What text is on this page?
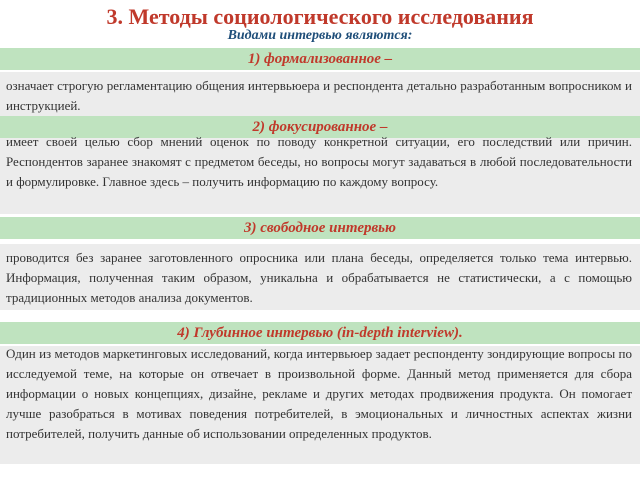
3. Методы социологического исследования
Видами интервью являются:
1) формализованное –
означает строгую регламентацию общения интервьюера и респондента детально разработанным вопросником и инструкцией.
2) фокусированное –
имеет своей целью сбор мнений оценок по поводу конкретной ситуации, его последствий или причин. Респондентов заранее знакомят с предметом беседы, но вопросы могут задаваться в любой последовательности и формулировке. Главное здесь – получить информацию по каждому вопросу.
3) свободное интервью
проводится без заранее заготовленного опросника или плана беседы, определяется только тема интервью. Информация, полученная таким образом, уникальна и обрабатывается не статистически, а с помощью традиционных методов анализа документов.
4) Глубинное интервью (in-depth interview).
Один из методов маркетинговых исследований, когда интервьюер задает респонденту зондирующие вопросы по исследуемой теме, на которые он отвечает в произвольной форме. Данный метод применяется для сбора информации о новых концепциях, дизайне, рекламе и других методах продвижения продукта. Он помогает лучше разобраться в мотивах поведения потребителей, в эмоциональных и личностных аспектах жизни потребителей, получить данные об использовании определенных продуктов.
